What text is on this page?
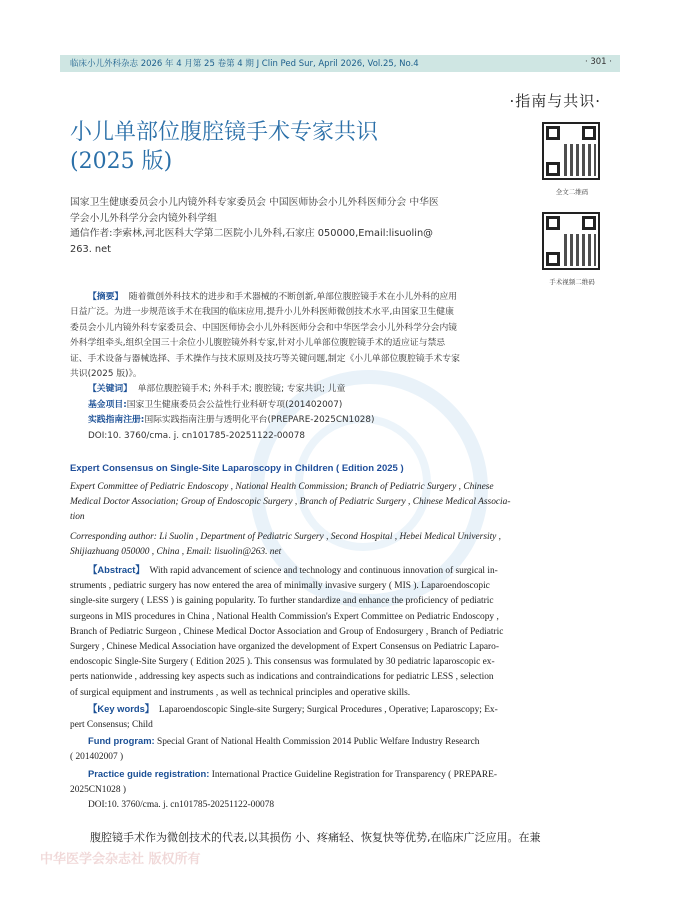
临床小儿外科杂志 2026 年 4 月第 25 卷第 4 期 J Clin Ped Sur, April 2026, Vol.25, No.4	· 301 ·
·指南与共识·
小儿单部位腹腔镜手术专家共识
(2025 版)
全文二维码
手术视频二维码
国家卫生健康委员会小儿内镜外科专家委员会 中国医师协会小儿外科医师分会 中华医
学会小儿外科学分会内镜外科学组
通信作者:李索林,河北医科大学第二医院小儿外科,石家庄 050000,Email:lisuolin@
263. net
【摘要】 随着微创外科技术的进步和手术器械的不断创新,单部位腹腔镜手术在小儿外科的应用
日益广泛。为进一步规范该手术在我国的临床应用,提升小儿外科医师微创技术水平,由国家卫生健康
委员会小儿内镜外科专家委员会、中国医师协会小儿外科医师分会和中华医学会小儿外科学分会内镜
外科学组牵头,组织全国三十余位小儿腹腔镜外科专家,针对小儿单部位腹腔镜手术的适应证与禁忌
证、手术设备与器械选择、手术操作与技术原则及技巧等关键问题,制定《小儿单部位腹腔镜手术专家
共识(2025 版)》。
【关键词】 单部位腹腔镜手术; 外科手术; 腹腔镜; 专家共识; 儿童
基金项目:国家卫生健康委员会公益性行业科研专项(201402007)
实践指南注册:国际实践指南注册与透明化平台(PREPARE-2025CN1028)
DOI:10. 3760/cma. j. cn101785-20251122-00078
Expert Consensus on Single-Site Laparoscopy in Children ( Edition 2025 )
Expert Committee of Pediatric Endoscopy , National Health Commission; Branch of Pediatric Surgery , Chinese
Medical Doctor Association; Group of Endoscopic Surgery , Branch of Pediatric Surgery , Chinese Medical Associa-
tion
Corresponding author: Li Suolin , Department of Pediatric Surgery , Second Hospital , Hebei Medical University ,
Shijiazhuang 050000 , China , Email: lisuolin@263. net
【Abstract】 With rapid advancement of science and technology and continuous innovation of surgical in-
struments , pediatric surgery has now entered the area of minimally invasive surgery ( MIS ). Laparoendoscopic
single-site surgery ( LESS ) is gaining popularity. To further standardize and enhance the proficiency of pediatric
surgeons in MIS procedures in China , National Health Commission's Expert Committee on Pediatric Endoscopy ,
Branch of Pediatric Surgeon , Chinese Medical Doctor Association and Group of Endosurgery , Branch of Pediatric
Surgery , Chinese Medical Association have organized the development of Expert Consensus on Pediatric Laparo-
endoscopic Single-Site Surgery ( Edition 2025 ). This consensus was formulated by 30 pediatric laparoscopic ex-
perts nationwide , addressing key aspects such as indications and contraindications for pediatric LESS , selection
of surgical equipment and instruments , as well as technical principles and operative skills.
【Key words】 Laparoendoscopic Single-site Surgery; Surgical Procedures , Operative; Laparoscopy; Ex-
pert Consensus; Child
Fund program: Special Grant of National Health Commission 2014 Public Welfare Industry Research
( 201402007 )
Practice guide registration: International Practice Guideline Registration for Transparency ( PREPARE-
2025CN1028 )
DOI:10. 3760/cma. j. cn101785-20251122-00078
腹腔镜手术作为微创技术的代表,以其损伤 小、疼痛轻、恢复快等优势,在临床广泛应用。在兼
中华医学会杂志社 版权所有
